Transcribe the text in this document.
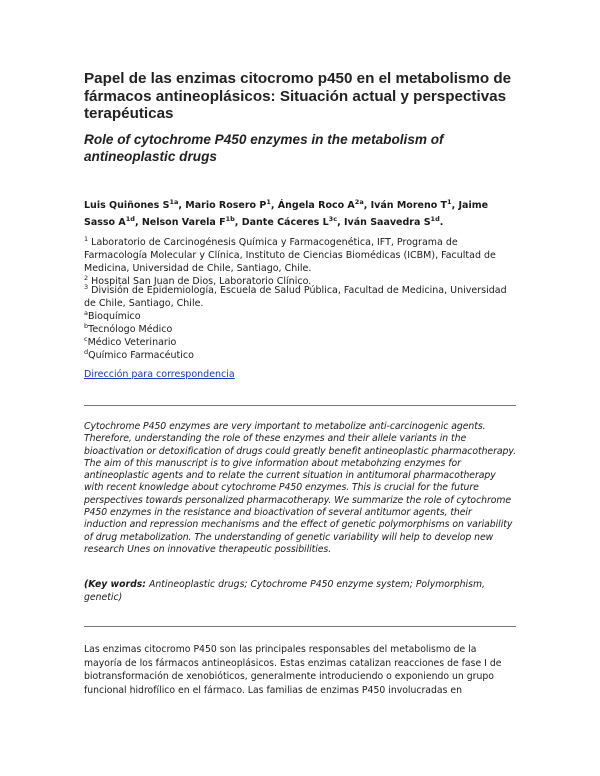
Papel de las enzimas citocromo p450 en el metabolismo de fármacos antineoplásicos: Situación actual y perspectivas terapéuticas
Role of cytochrome P450 enzymes in the metabolism of antineoplastic drugs
Luis Quiñones $S^{1a}$, Mario Rosero $P^1$, Ángela Roco $A^{2a}$, Iván Moreno $T^1$, Jaime Sasso $A^{1d}$, Nelson Varela $F^{1b}$, Dante Cáceres $L^{3c}$, Iván Saavedra $S^{1d}$.
$^1$ Laboratorio de Carcinogénesis Química y Farmacogenética, IFT, Programa de Farmacología Molecular y Clínica, Instituto de Ciencias Biomédicas (ICBM), Facultad de Medicina, Universidad de Chile, Santiago, Chile.
$^2$ Hospital San Juan de Dios, Laboratorio Clínico.
$^3$ División de Epidemiología, Escuela de Salud Pública, Facultad de Medicina, Universidad de Chile, Santiago, Chile.
$^a$Bioquímico
$^b$Tecnólogo Médico
$^c$Médico Veterinario
$^d$Químico Farmacéutico
Dirección para correspondencia

Cytochrome P450 enzymes are very important to metabolize anti-carcinogenic agents. Therefore, understanding the role of these enzymes and their allele variants in the bioactivation or detoxification of drugs could greatly benefit antineoplastic pharmacotherapy. The aim of this manuscript is to give information about metabohzing enzymes for antineoplastic agents and to relate the current situation in antitumoral pharmacotherapy with recent knowledge about cytochrome P450 enzymes. This is crucial for the future perspectives towards personalized pharmacotherapy. We summarize the role of cytochrome P450 enzymes in the resistance and bioactivation of several antitumor agents, their induction and repression mechanisms and the effect of genetic polymorphisms on variability of drug metabolization. The understanding of genetic variability will help to develop new research Unes on innovative therapeutic possibilities.

(Key words: Antineoplastic drugs; Cytochrome P450 enzyme system; Polymorphism, genetic)

Las enzimas citocromo P450 son las principales responsables del metabolismo de la mayoría de los fármacos antineoplásicos. Estas enzimas catalizan reacciones de fase I de biotransformación de xenobióticos, generalmente introduciendo o exponiendo un grupo funcional hidrofílico en el fármaco. Las familias de enzimas P450 involucradas en
